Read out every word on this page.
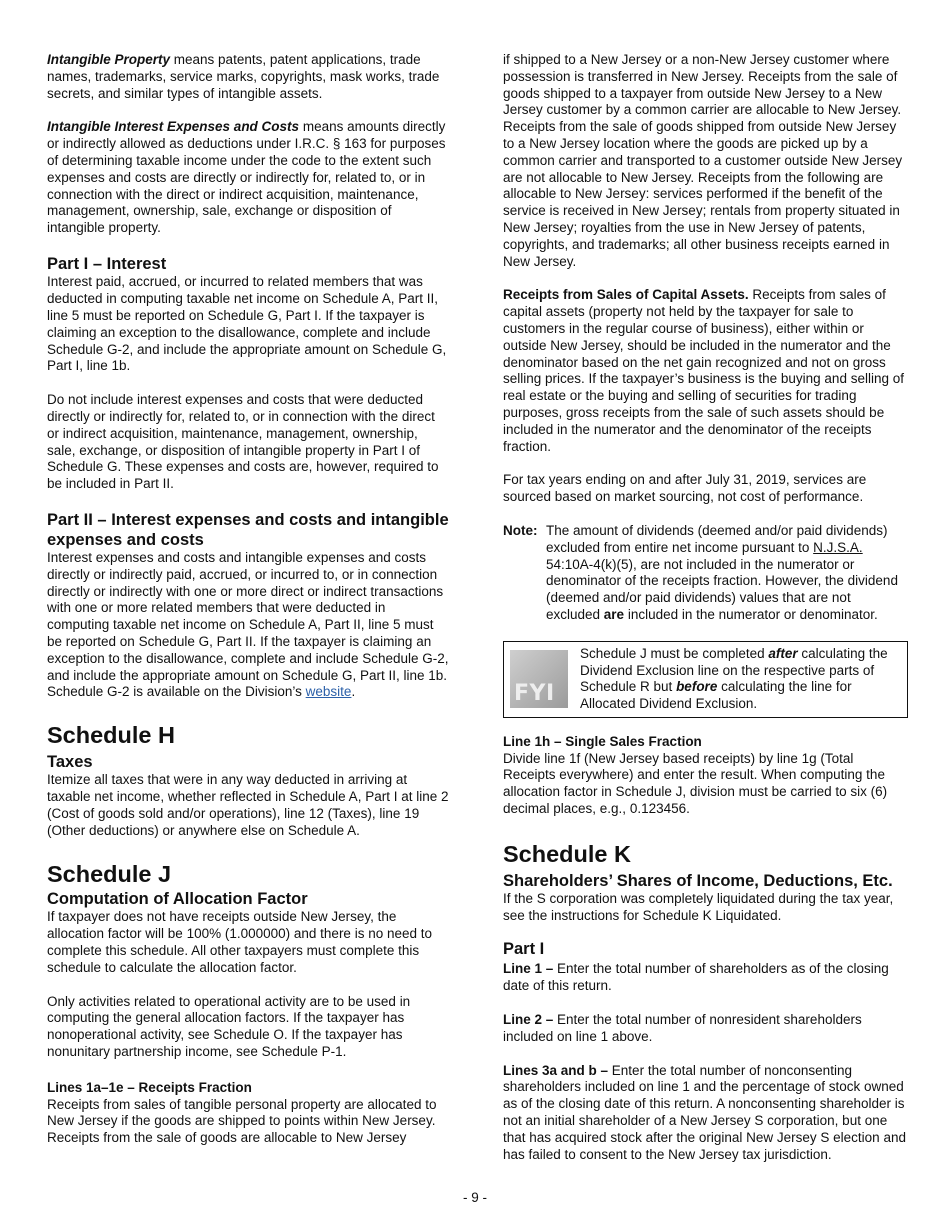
Intangible Property means patents, patent applications, trade names, trademarks, service marks, copyrights, mask works, trade secrets, and similar types of intangible assets.

Intangible Interest Expenses and Costs means amounts directly or indirectly allowed as deductions under I.R.C. § 163 for purposes of determining taxable income under the code to the extent such expenses and costs are directly or indirectly for, related to, or in connection with the direct or indirect acquisition, maintenance, management, ownership, sale, exchange or disposition of intangible property.

Part I – Interest

Interest paid, accrued, or incurred to related members that was deducted in computing taxable net income on Schedule A, Part II, line 5 must be reported on Schedule G, Part I. If the taxpayer is claiming an exception to the disallowance, complete and include Schedule G-2, and include the appropriate amount on Schedule G, Part I, line 1b.

Do not include interest expenses and costs that were deducted directly or indirectly for, related to, or in connection with the direct or indirect acquisition, maintenance, management, ownership, sale, exchange, or disposition of intangible property in Part I of Schedule G. These expenses and costs are, however, required to be included in Part II.

Part II – Interest expenses and costs and intangible expenses and costs

Interest expenses and costs and intangible expenses and costs directly or indirectly paid, accrued, or incurred to, or in connection directly or indirectly with one or more direct or indirect transactions with one or more related members that were deducted in computing taxable net income on Schedule A, Part II, line 5 must be reported on Schedule G, Part II. If the taxpayer is claiming an exception to the disallowance, complete and include Schedule G-2, and include the appropriate amount on Schedule G, Part II, line 1b. Schedule G-2 is available on the Division’s website.

Schedule H
Taxes

Itemize all taxes that were in any way deducted in arriving at taxable net income, whether reflected in Schedule A, Part I at line 2 (Cost of goods sold and/or operations), line 12 (Taxes), line 19 (Other deductions) or anywhere else on Schedule A.

Schedule J
Computation of Allocation Factor

If taxpayer does not have receipts outside New Jersey, the allocation factor will be 100% (1.000000) and there is no need to complete this schedule. All other taxpayers must complete this schedule to calculate the allocation factor.

Only activities related to operational activity are to be used in computing the general allocation factors. If the taxpayer has nonoperational activity, see Schedule O. If the taxpayer has nonunitary partnership income, see Schedule P-1.

Lines 1a–1e – Receipts Fraction

Receipts from sales of tangible personal property are allocated to New Jersey if the goods are shipped to points within New Jersey. Receipts from the sale of goods are allocable to New Jersey

if shipped to a New Jersey or a non-New Jersey customer where possession is transferred in New Jersey. Receipts from the sale of goods shipped to a taxpayer from outside New Jersey to a New Jersey customer by a common carrier are allocable to New Jersey. Receipts from the sale of goods shipped from outside New Jersey to a New Jersey location where the goods are picked up by a common carrier and transported to a customer outside New Jersey are not allocable to New Jersey. Receipts from the following are allocable to New Jersey: services performed if the benefit of the service is received in New Jersey; rentals from property situated in New Jersey; royalties from the use in New Jersey of patents, copyrights, and trademarks; all other business receipts earned in New Jersey.

Receipts from Sales of Capital Assets. Receipts from sales of capital assets (property not held by the taxpayer for sale to customers in the regular course of business), either within or outside New Jersey, should be included in the numerator and the denominator based on the net gain recognized and not on gross selling prices. If the taxpayer’s business is the buying and selling of real estate or the buying and selling of securities for trading purposes, gross receipts from the sale of such assets should be included in the numerator and the denominator of the receipts fraction.

For tax years ending on and after July 31, 2019, services are sourced based on market sourcing, not cost of performance.

Note: The amount of dividends (deemed and/or paid dividends) excluded from entire net income pursuant to N.J.S.A. 54:10A-4(k)(5), are not included in the numerator or denominator of the receipts fraction. However, the dividend (deemed and/or paid dividends) values that are not excluded are included in the numerator or denominator.

FYI

Schedule J must be completed after calculating the Dividend Exclusion line on the respective parts of Schedule R but before calculating the line for Allocated Dividend Exclusion.

Line 1h – Single Sales Fraction

Divide line 1f (New Jersey based receipts) by line 1g (Total Receipts everywhere) and enter the result. When computing the allocation factor in Schedule J, division must be carried to six (6) decimal places, e.g., 0.123456.

Schedule K
Shareholders’ Shares of Income, Deductions, Etc.

If the S corporation was completely liquidated during the tax year, see the instructions for Schedule K Liquidated.

Part I

Line 1 – Enter the total number of shareholders as of the closing date of this return.

Line 2 – Enter the total number of nonresident shareholders included on line 1 above.

Lines 3a and b – Enter the total number of nonconsenting shareholders included on line 1 and the percentage of stock owned as of the closing date of this return. A nonconsenting shareholder is not an initial shareholder of a New Jersey S corporation, but one that has acquired stock after the original New Jersey S election and has failed to consent to the New Jersey tax jurisdiction.

- 9 -
